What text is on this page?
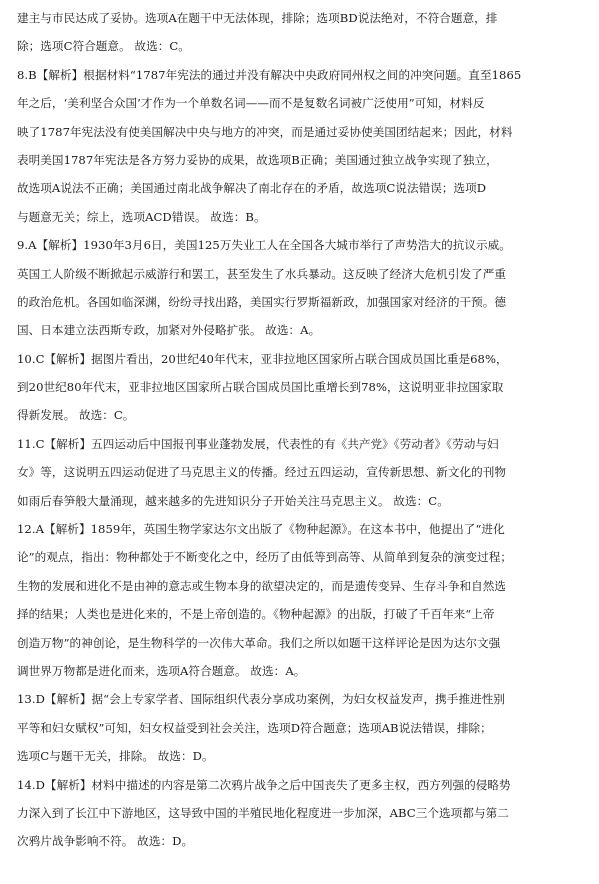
建主与市民达成了妥协。选项A在题干中无法体现，排除；选项BD说法绝对，不符合题意，排
除；选项C符合题意。 故选：C。
8.B【解析】根据材料“1787年宪法的通过并没有解决中央政府同州权之间的冲突问题。直至1865
年之后，‘美利坚合众国’才作为一个单数名词——而不是复数名词被广泛使用”可知，材料反
映了1787年宪法没有使美国解决中央与地方的冲突，而是通过妥协使美国团结起来；因此，材料
表明美国1787年宪法是各方努力妥协的成果，故选项B正确；美国通过独立战争实现了独立，
故选项A说法不正确；美国通过南北战争解决了南北存在的矛盾，故选项C说法错误；选项D
与题意无关；综上，选项ACD错误。 故选：B。
9.A【解析】1930年3月6日，美国125万失业工人在全国各大城市举行了声势浩大的抗议示威。
英国工人阶级不断掀起示威游行和罢工，甚至发生了水兵暴动。这反映了经济大危机引发了严重
的政治危机。各国如临深渊，纷纷寻找出路，美国实行罗斯福新政，加强国家对经济的干预。德
国、日本建立法西斯专政，加紧对外侵略扩张。 故选：A。
10.C【解析】据图片看出，20世纪40年代末，亚非拉地区国家所占联合国成员国比重是68%，
到20世纪80年代末，亚非拉地区国家所占联合国成员国比重增长到78%，这说明亚非拉国家取
得新发展。 故选：C。
11.C【解析】五四运动后中国报刊事业蓬勃发展，代表性的有《共产党》《劳动者》《劳动与妇
女》等，这说明五四运动促进了马克思主义的传播。经过五四运动，宣传新思想、新文化的刊物
如雨后春笋般大量涌现，越来越多的先进知识分子开始关注马克思主义。 故选：C。
12.A【解析】1859年，英国生物学家达尔文出版了《物种起源》。在这本书中，他提出了“进化
论”的观点，指出：物种都处于不断变化之中，经历了由低等到高等、从简单到复杂的演变过程；
生物的发展和进化不是由神的意志或生物本身的欲望决定的，而是遗传变异、生存斗争和自然选
择的结果；人类也是进化来的，不是上帝创造的。《物种起源》的出版，打破了千百年来“上帝
创造万物”的神创论，是生物科学的一次伟大革命。我们之所以如题干这样评论是因为达尔文强
调世界万物都是进化而来，选项A符合题意。 故选：A。
13.D【解析】据“会上专家学者、国际组织代表分享成功案例，为妇女权益发声，携手推进性别
平等和妇女赋权”可知，妇女权益受到社会关注，选项D符合题意；选项AB说法错误，排除；
选项C与题干无关，排除。 故选：D。
14.D【解析】材料中描述的内容是第二次鸦片战争之后中国丧失了更多主权，西方列强的侵略势
力深入到了长江中下游地区，这导致中国的半殖民地化程度进一步加深，ABC三个选项都与第二
次鸦片战争影响不符。 故选：D。
